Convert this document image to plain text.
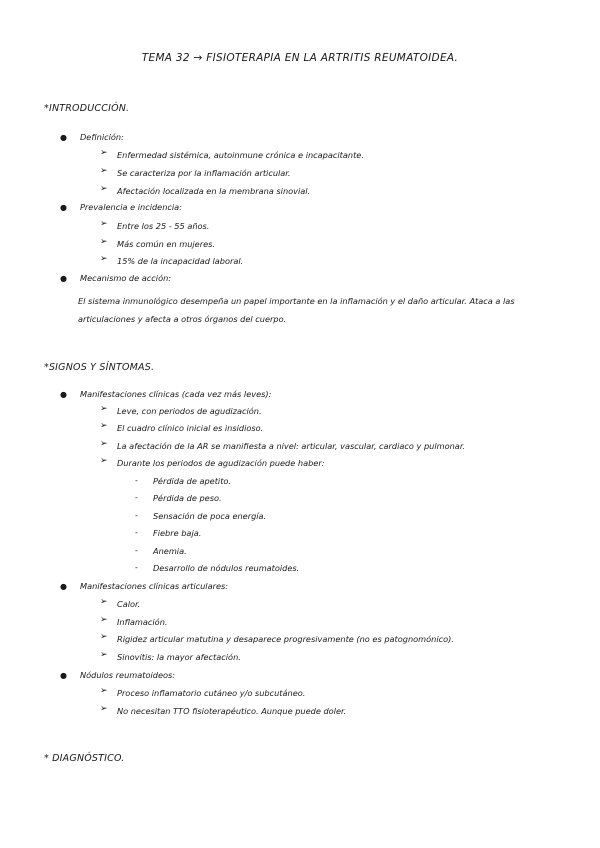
TEMA 32 → FISIOTERAPIA EN LA ARTRITIS REUMATOIDEA.
*INTRODUCCIÓN.
● Definición:
➢ Enfermedad sistémica, autoinmune crónica e incapacitante.
➢ Se caracteriza por la inflamación articular.
➢ Afectación localizada en la membrana sinovial.
● Prevalencia e incidencia:
➢ Entre los 25 - 55 años.
➢ Más común en mujeres.
➢ 15% de la incapacidad laboral.
● Mecanismo de acción:
El sistema inmunológico desempeña un papel importante en la inflamación y el daño articular. Ataca a las articulaciones y afecta a otros órganos del cuerpo.
*SIGNOS Y SÍNTOMAS.
● Manifestaciones clínicas (cada vez más leves):
➢ Leve, con periodos de agudización.
➢ El cuadro clínico inicial es insidioso.
➢ La afectación de la AR se manifiesta a nivel: articular, vascular, cardiaco y pulmonar.
➢ Durante los periodos de agudización puede haber:
- Pérdida de apetito.
- Pérdida de peso.
- Sensación de poca energía.
- Fiebre baja.
- Anemia.
- Desarrollo de nódulos reumatoides.
● Manifestaciones clínicas articulares:
➢ Calor.
➢ Inflamación.
➢ Rigidez articular matutina y desaparece progresivamente (no es patognomónico).
➢ Sinovitis: la mayor afectación.
● Nódulos reumatoideos:
➢ Proceso inflamatorio cutáneo y/o subcutáneo.
➢ No necesitan TTO fisioterapéutico. Aunque puede doler.
* DIAGNÓSTICO.
